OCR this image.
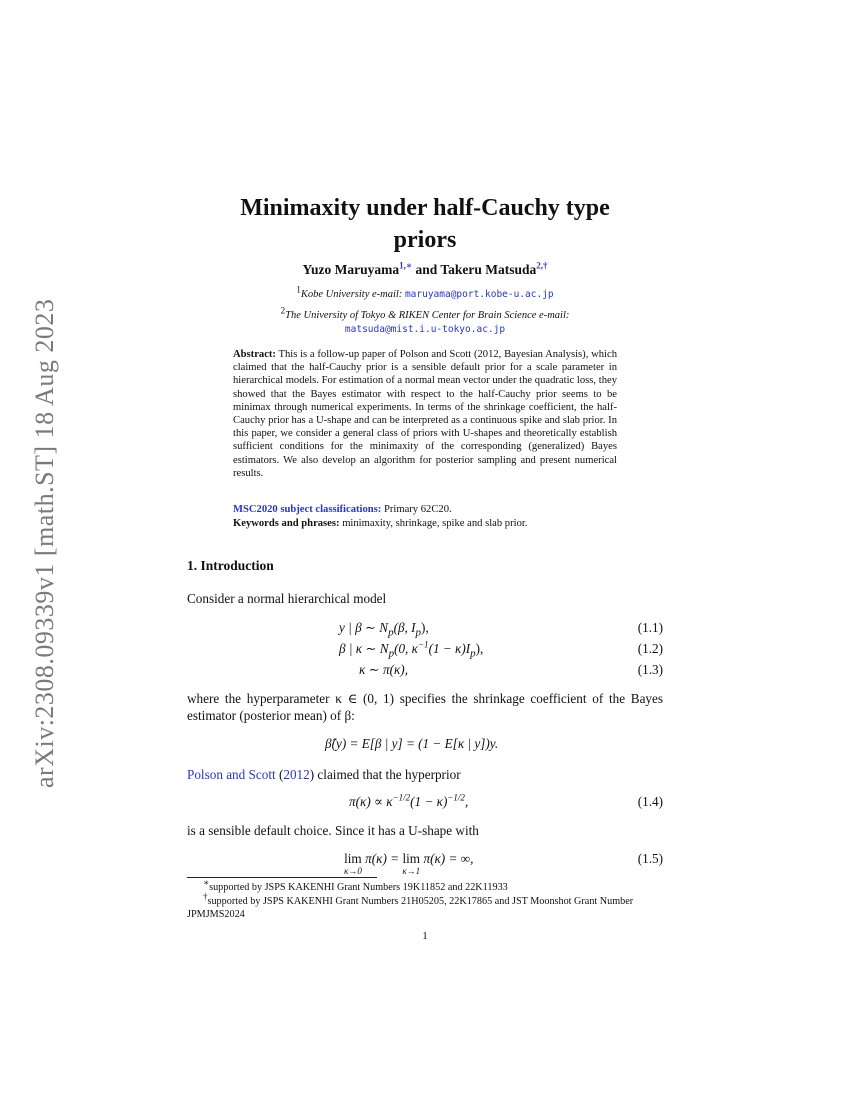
arXiv:2308.09339v1 [math.ST] 18 Aug 2023
Minimaxity under half-Cauchy type
priors
Yuzo Maruyama$^{1,∗}$ and Takeru Matsuda$^{2,\dagger}$
$^1$Kobe University e-mail: maruyama@port.kobe-u.ac.jp
$^2$The University of Tokyo & RIKEN Center for Brain Science e-mail:
matsuda@mist.i.u-tokyo.ac.jp
Abstract: This is a follow-up paper of Polson and Scott (2012, Bayesian Analysis), which claimed that the half-Cauchy prior is a sensible default prior for a scale parameter in hierarchical models. For estimation of a normal mean vector under the quadratic loss, they showed that the Bayes estimator with respect to the half-Cauchy prior seems to be minimax through numerical experiments. In terms of the shrinkage coefficient, the half-Cauchy prior has a U-shape and can be interpreted as a continuous spike and slab prior. In this paper, we consider a general class of priors with U-shapes and theoretically establish sufficient conditions for the minimaxity of the corresponding (generalized) Bayes estimators. We also develop an algorithm for posterior sampling and present numerical results.
MSC2020 subject classifications: Primary 62C20.
Keywords and phrases: minimaxity, shrinkage, spike and slab prior.
1. Introduction
Consider a normal hierarchical model
y | β ∼ $N_p(\beta$, $I_p$),	(1.1)
β | κ ∼ $N_p(0$, $\kappa^{-1}(1 - \kappa)I_p$),	(1.2)
κ ∼ π(κ),	(1.3)
where the hyperparameter κ ∈ (0, 1) specifies the shrinkage coefficient of the Bayes estimator (posterior mean) of β:
β̂(y) = E[β | y] = (1 − E[κ | y])y.
Polson and Scott (2012) claimed that the hyperprior
$\pi(\kappa) \propto \kappa^{-1/2}(1 - \kappa)^{-1/2}$,	(1.4)
is a sensible default choice. Since it has a U-shape with
lim
κ→0
π(κ) = lim
κ→1
π(κ) = ∞,	(1.5)
∗supported by JSPS KAKENHI Grant Numbers 19K11852 and 22K11933
†supported by JSPS KAKENHI Grant Numbers 21H05205, 22K17865 and JST Moonshot Grant Number JPMJMS2024
1
